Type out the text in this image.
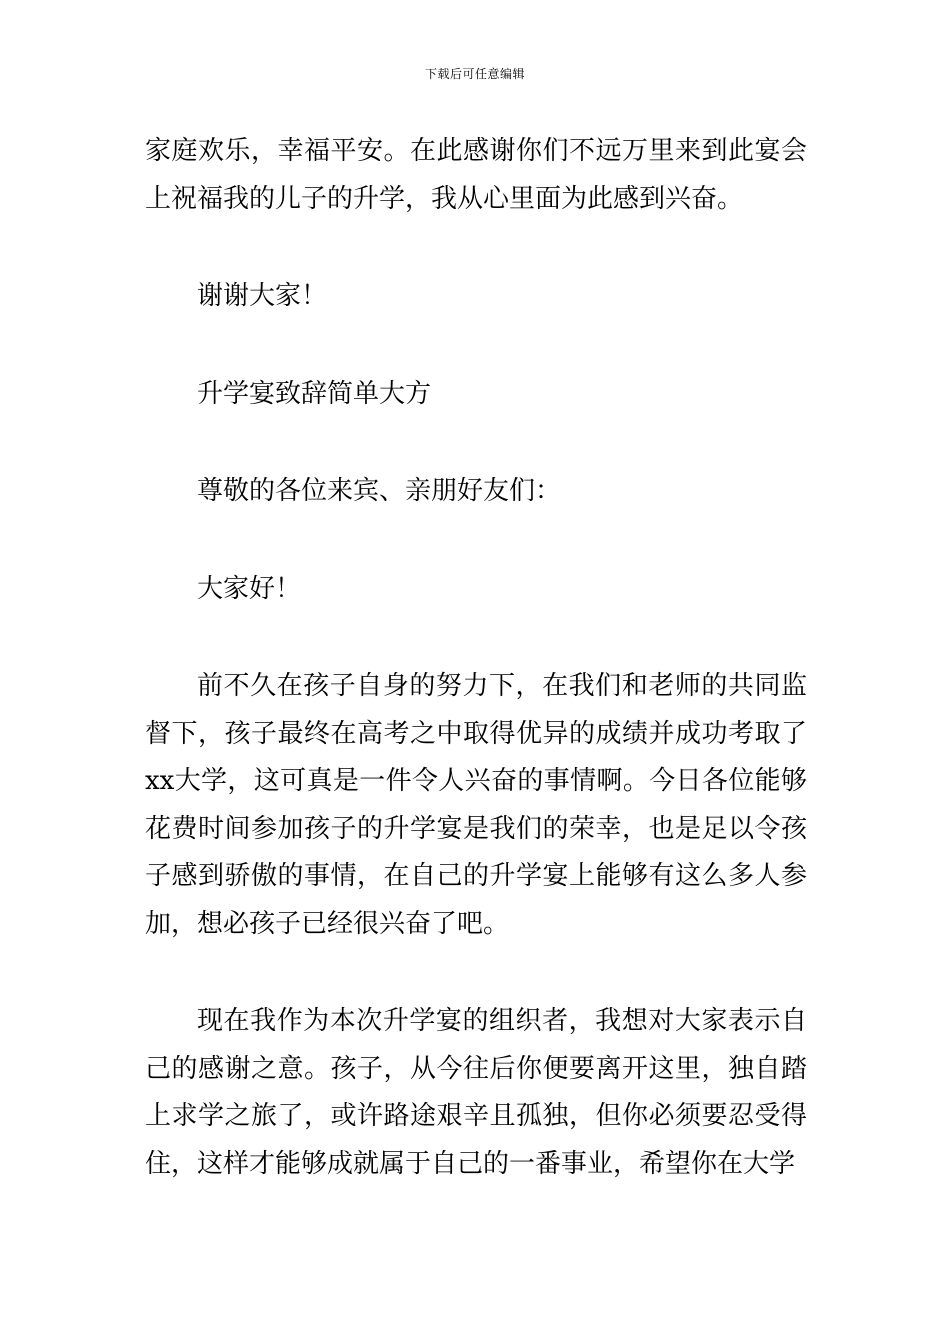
下载后可任意编辑

家庭欢乐，幸福平安。在此感谢你们不远万里来到此宴会上祝福我的儿子的升学，我从心里面为此感到兴奋。

谢谢大家！

升学宴致辞简单大方

尊敬的各位来宾、亲朋好友们：

大家好！

前不久在孩子自身的努力下，在我们和老师的共同监督下，孩子最终在高考之中取得优异的成绩并成功考取了xx大学，这可真是一件令人兴奋的事情啊。今日各位能够花费时间参加孩子的升学宴是我们的荣幸，也是足以令孩子感到骄傲的事情，在自己的升学宴上能够有这么多人参加，想必孩子已经很兴奋了吧。

现在我作为本次升学宴的组织者，我想对大家表示自己的感谢之意。孩子，从今往后你便要离开这里，独自踏上求学之旅了，或许路途艰辛且孤独，但你必须要忍受得住，这样才能够成就属于自己的一番事业，希望你在大学
